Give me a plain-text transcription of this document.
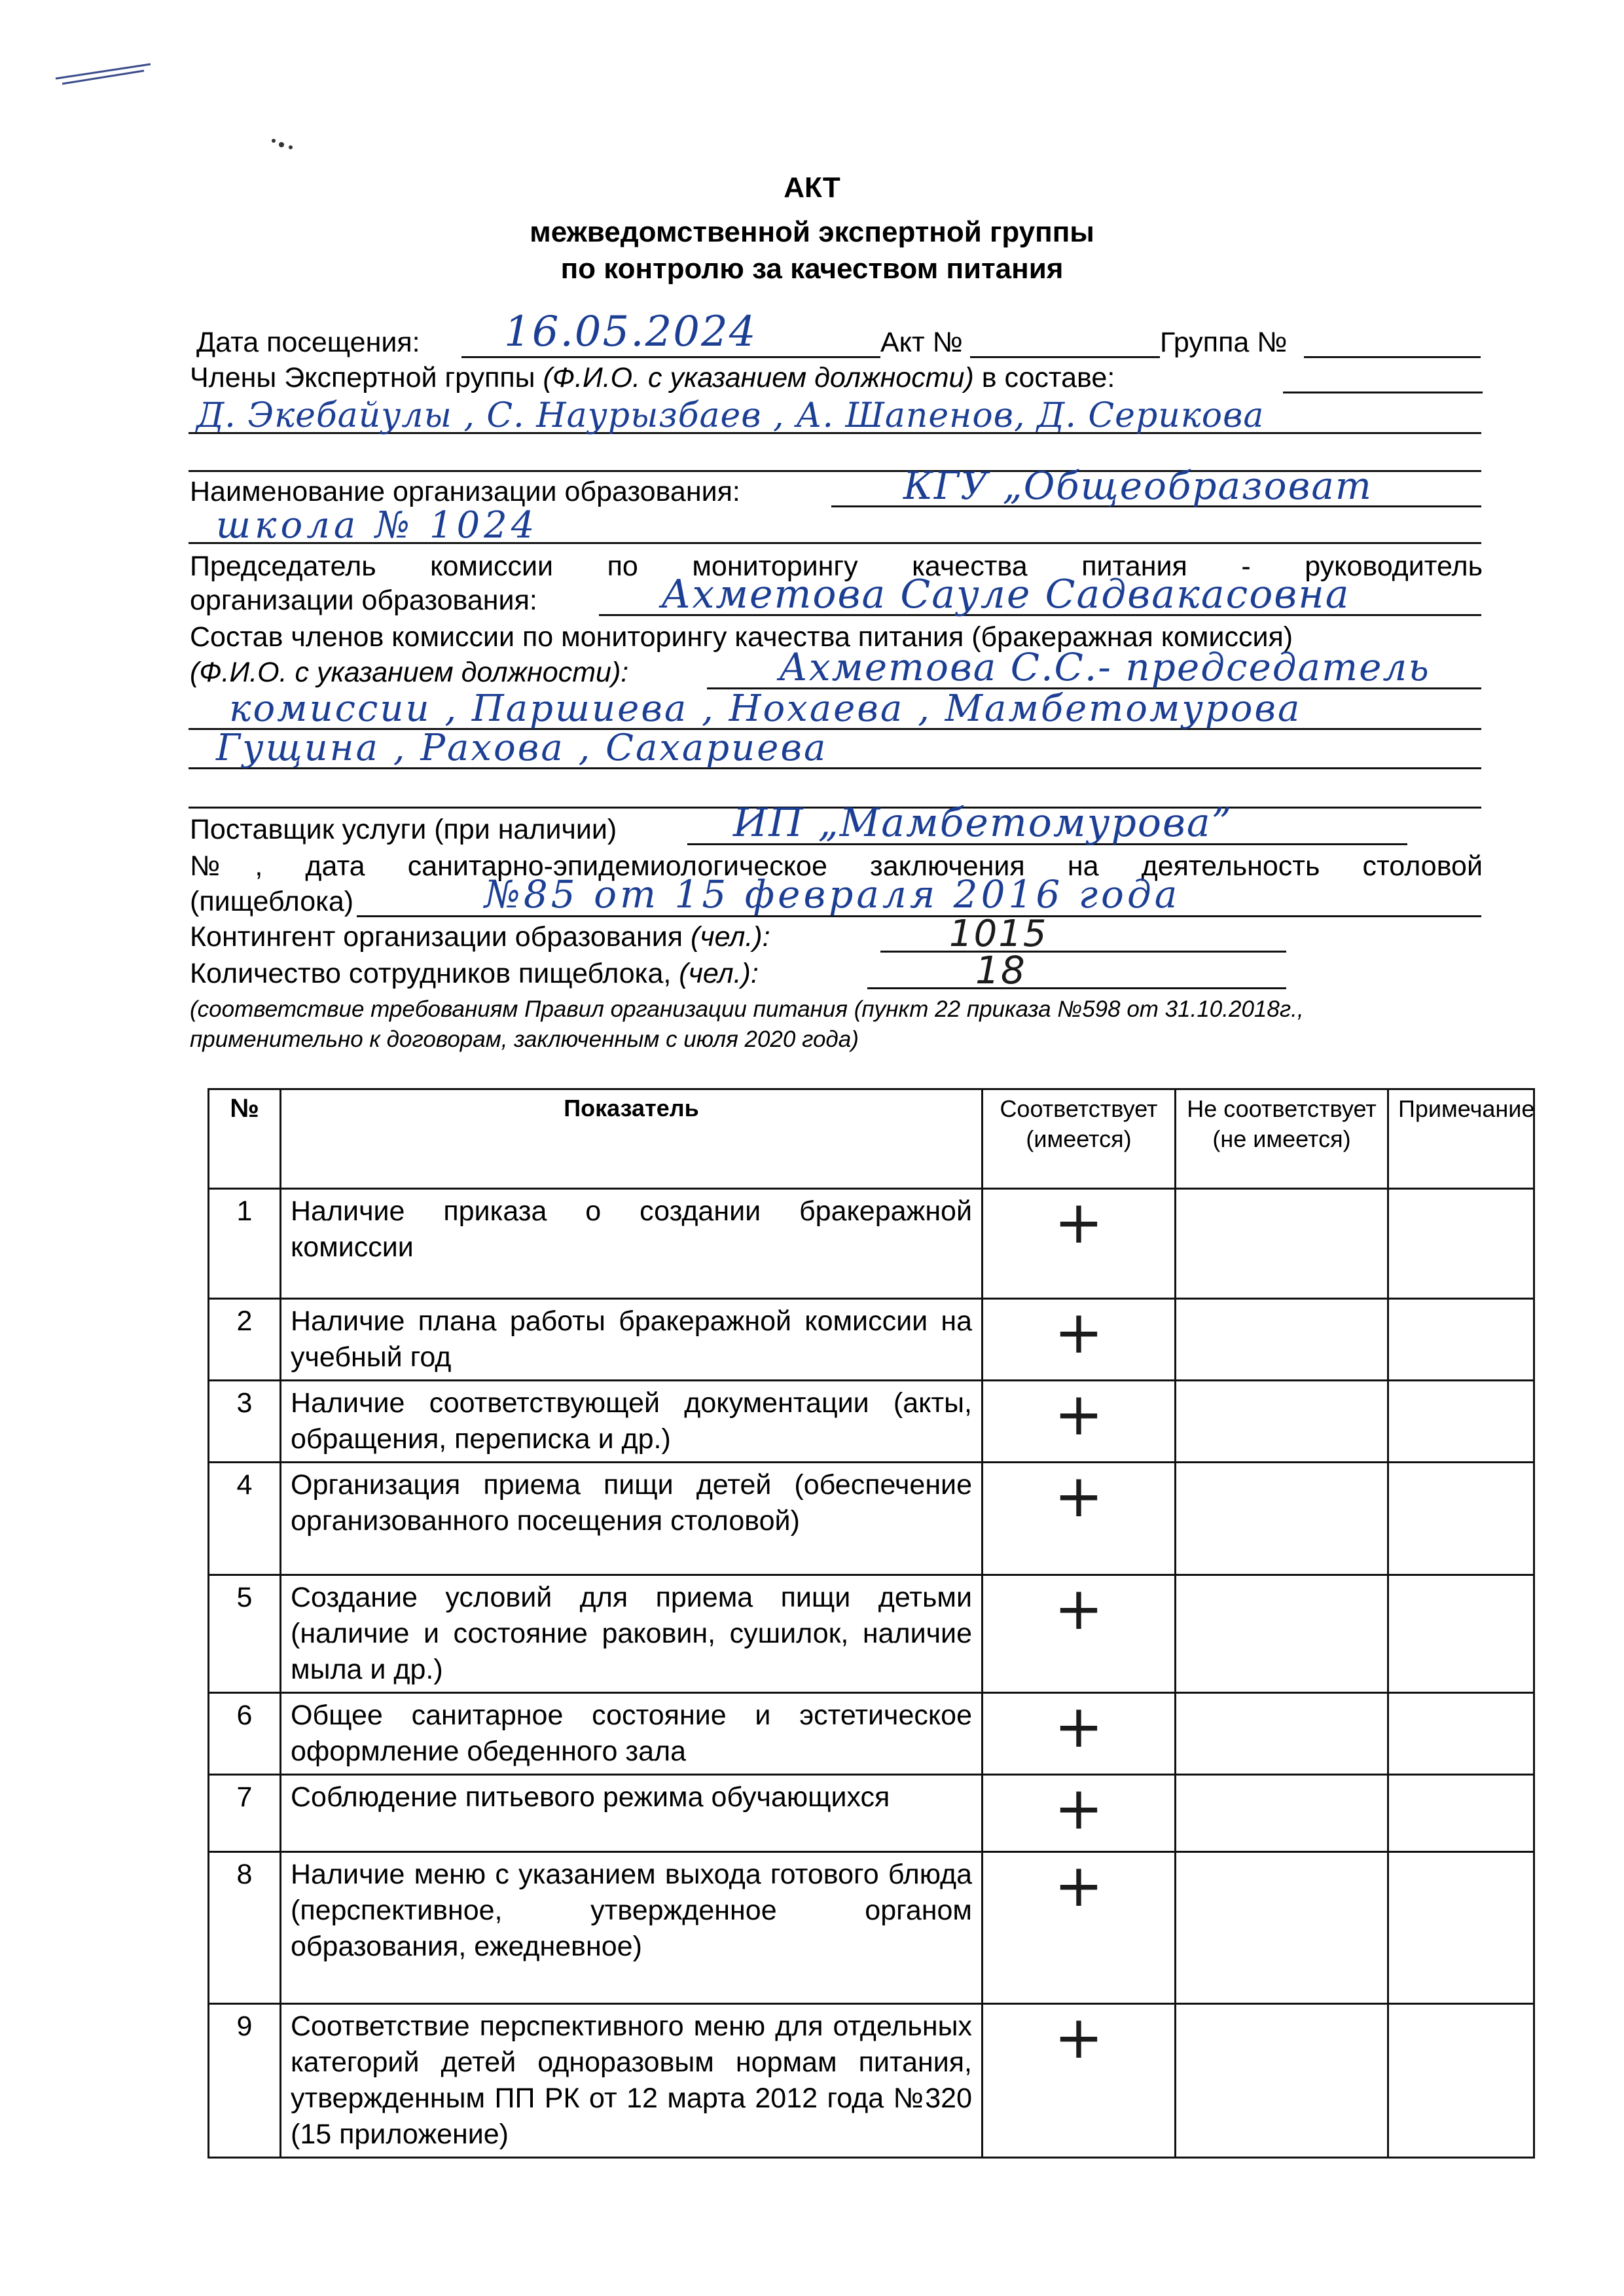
АКТ
межведомственной экспертной группы
по контролю за качеством питания
Дата посещения: 16.05.2024	Акт №	Группа №
Члены Экспертной группы (Ф.И.О. с указанием должности) в составе:
Д. Экебайулы , С. Наурызбаев , А. Шапенов, Д. Серикова
Наименование организации образования:	КГУ „Общеобразоват
школа № 1024
Председатель комиссии по мониторингу качества питания - руководитель
организации образования:	Ахметова Сауле Садвакасовна
Состав членов комиссии по мониторингу качества питания (бракеражная комиссия)
(Ф.И.О. с указанием должности):	Ахметова С.С.- председатель
комиссии , Паршиева , Нохаева , Мамбетомурова
Гущина , Рахова , Сахариева
Поставщик услуги (при наличии)	ИП „Мамбетомурова”
№, дата санитарно-эпидемиологическое заключения на деятельность столовой
(пищеблока)	№85 от 15 февраля 2016 года
Контингент организации образования (чел.):	1015
Количество сотрудников пищеблока, (чел.):	18
(соответствие требованиям Правил организации питания (пункт 22 приказа №598 от 31.10.2018г.,
применительно к договорам, заключенным с июля 2020 года)
№	Показатель	Соответствует (имеется)	Не соответствует (не имеется)	Примечание
1	Наличие приказа о создании бракеражной комиссии	+		
2	Наличие плана работы бракеражной комиссии на учебный год	+		
3	Наличие соответствующей документации (акты, обращения, переписка и др.)	+		
4	Организация приема пищи детей (обеспечение организованного посещения столовой)	+		
5	Создание условий для приема пищи детьми (наличие и состояние раковин, сушилок, наличие мыла и др.)	+		
6	Общее санитарное состояние и эстетическое оформление обеденного зала	+		
7	Соблюдение питьевого режима обучающихся	+		
8	Наличие меню с указанием выхода готового блюда (перспективное, утвержденное органом образования, ежедневное)	+		
9	Соответствие перспективного меню для отдельных категорий детей одноразовым нормам питания, утвержденным ПП РК от 12 марта 2012 года №320 (15 приложение)	+		
